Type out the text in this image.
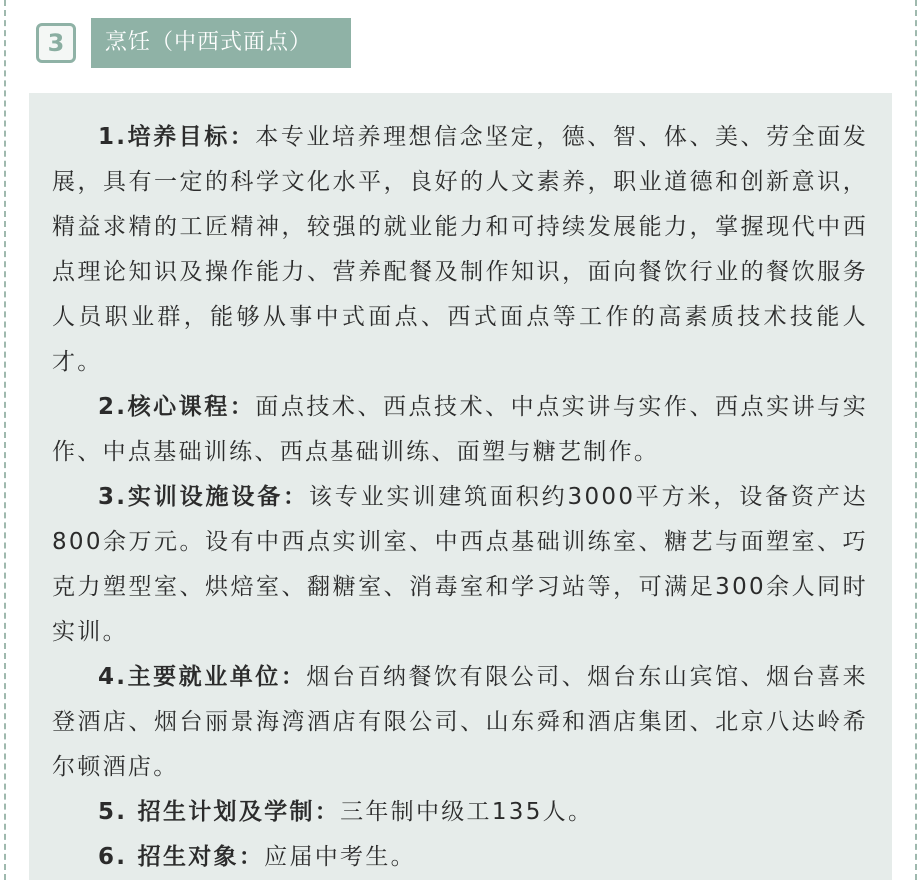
3	烹饪（中西式面点）

1.培养目标：本专业培养理想信念坚定，德、智、体、美、劳全面发展，具有一定的科学文化水平，良好的人文素养，职业道德和创新意识，精益求精的工匠精神，较强的就业能力和可持续发展能力，掌握现代中西点理论知识及操作能力、营养配餐及制作知识，面向餐饮行业的餐饮服务人员职业群，能够从事中式面点、西式面点等工作的高素质技术技能人才。

2.核心课程：面点技术、西点技术、中点实讲与实作、西点实讲与实作、中点基础训练、西点基础训练、面塑与糖艺制作。

3.实训设施设备：该专业实训建筑面积约3000平方米，设备资产达800余万元。设有中西点实训室、中西点基础训练室、糖艺与面塑室、巧克力塑型室、烘焙室、翻糖室、消毒室和学习站等，可满足300余人同时实训。

4.主要就业单位：烟台百纳餐饮有限公司、烟台东山宾馆、烟台喜来登酒店、烟台丽景海湾酒店有限公司、山东舜和酒店集团、北京八达岭希尔顿酒店。

5. 招生计划及学制：三年制中级工135人。

6. 招生对象：应届中考生。
